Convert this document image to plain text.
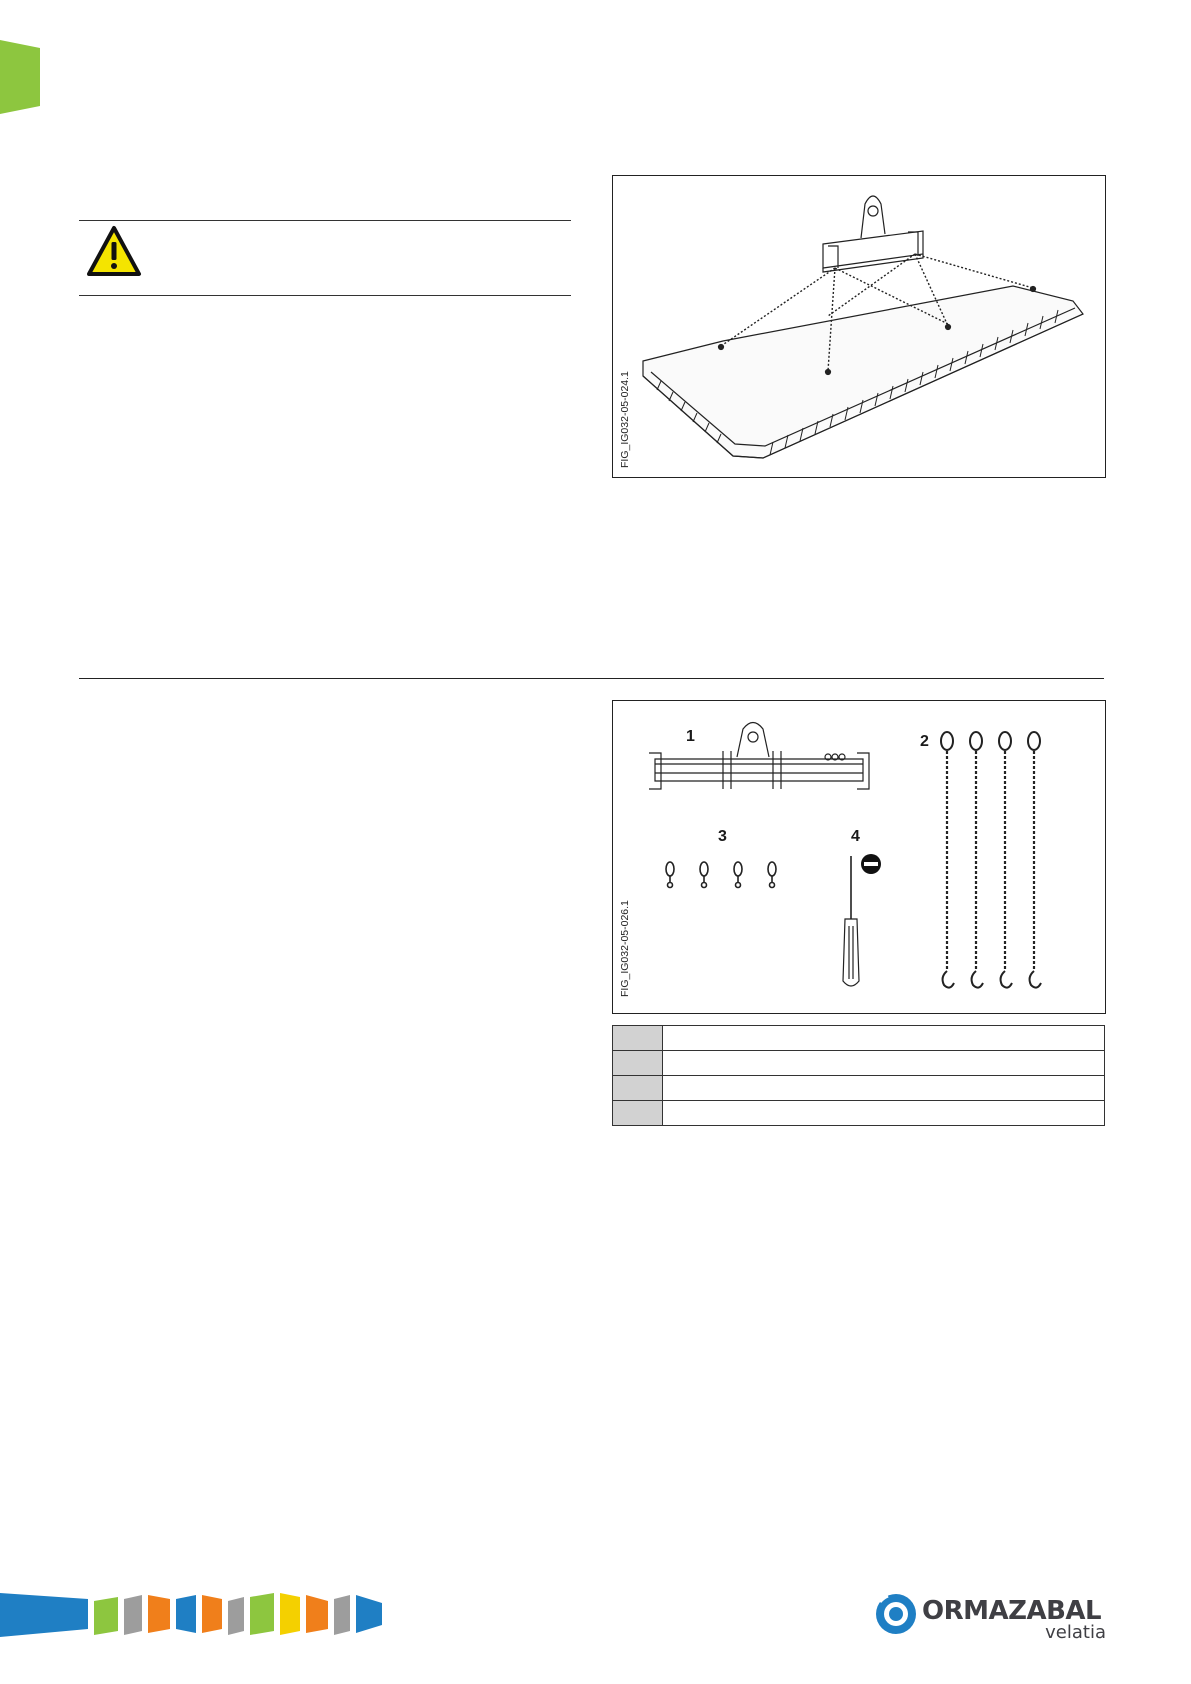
FIG_IG032-05-024.1
1	2
3	4
FIG_IG032-05-026.1

ORMAZABAL
velatia
